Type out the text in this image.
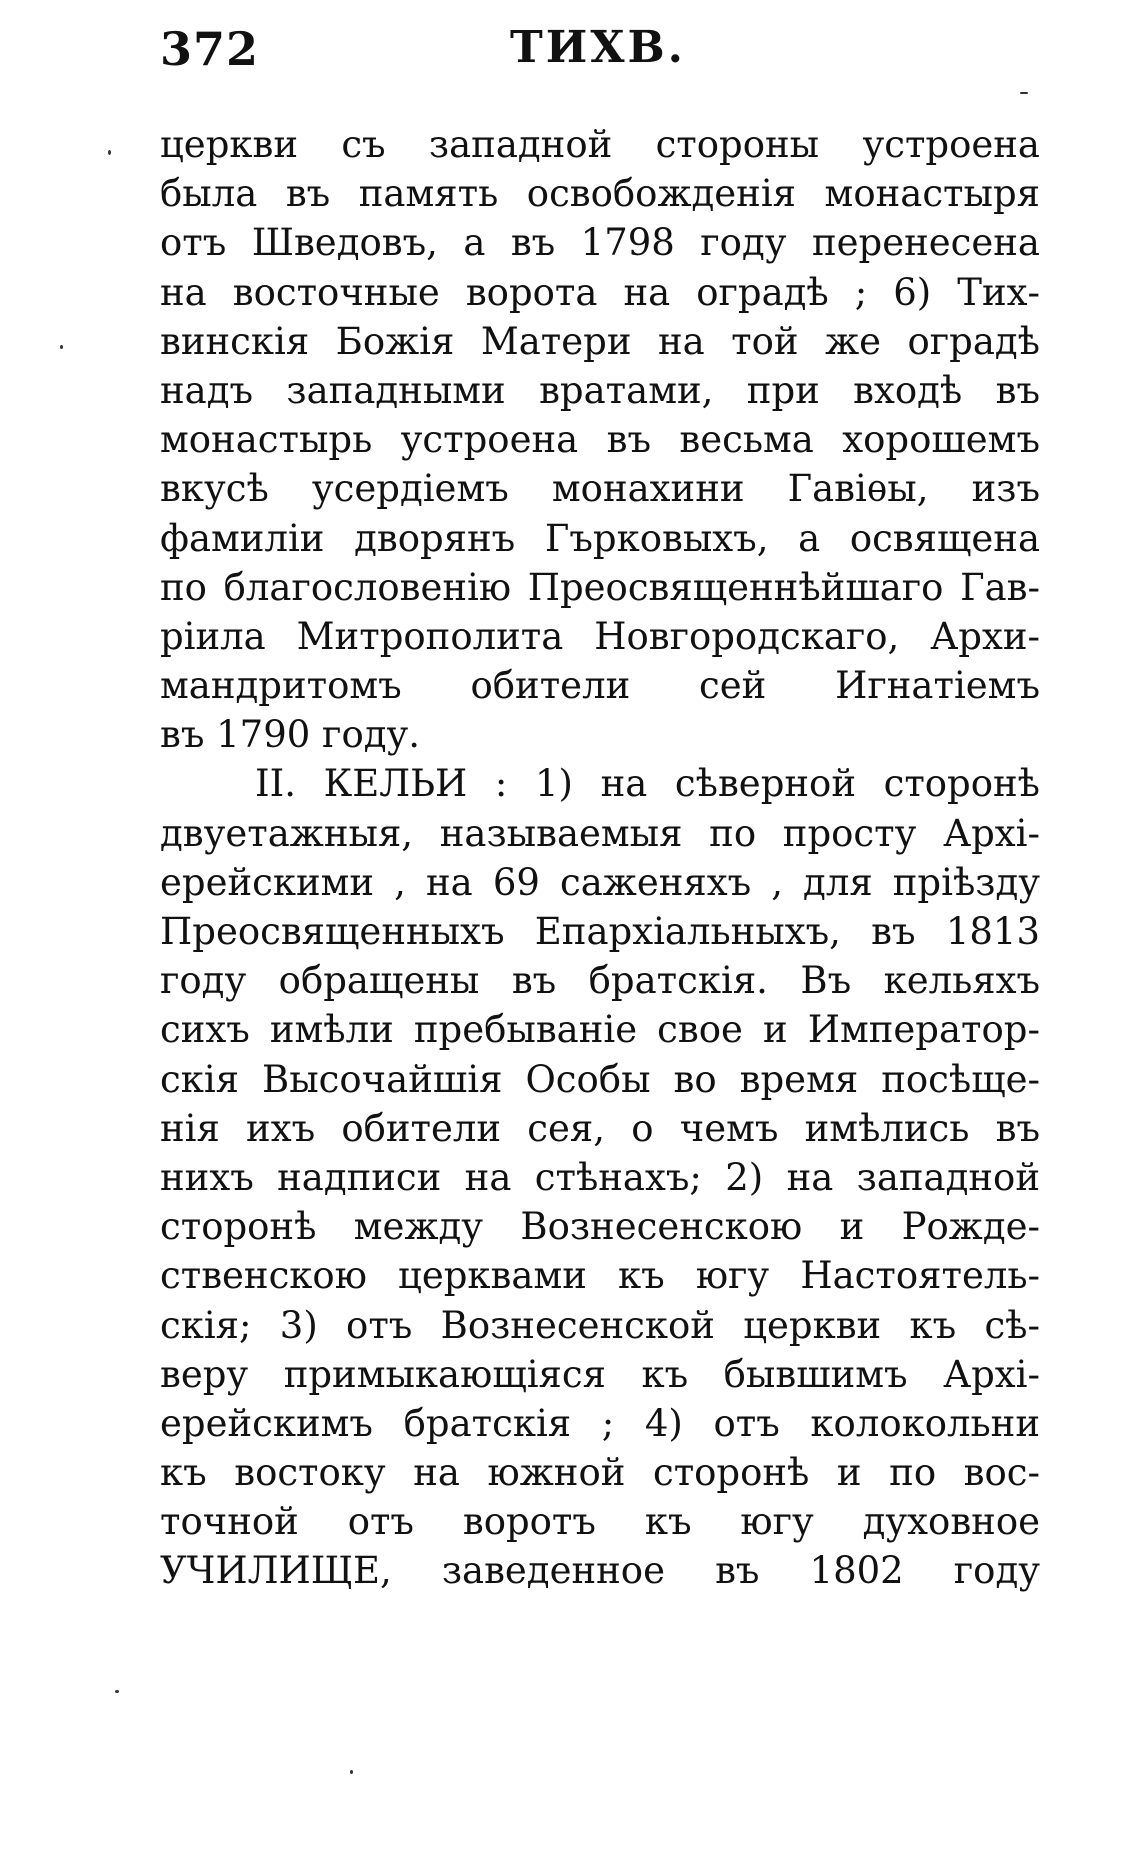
372	ТИХВ.
церкви съ западной стороны устроена
была въ память освобожденія монастыря
отъ Шведовъ, а въ 1798 году перенесена
на восточные ворота на оградѣ ; 6) Тих-
винскія Божія Матери на той же оградѣ
надъ западными вратами, при входѣ въ
монастырь устроена въ весьма хорошемъ
вкусѣ усердіемъ монахини Гавіѳы, изъ
фамиліи дворянъ Гърковыхъ, а освящена
по благословенію Преосвященнѣйшаго Гав-
ріила Митрополита Новгородскаго, Архи-
мандритомъ обители сей Игнатіемъ
въ 1790 году.
II. КЕЛЬИ : 1) на сѣверной сторонѣ
двуетажныя, называемыя по просту Архі-
ерейскими , на 69 саженяхъ , для пріѣзду
Преосвященныхъ Епархіальныхъ, въ 1813
году обращены въ братскія. Въ кельяхъ
сихъ имѣли пребываніе свое и Император-
скія Высочайшія Особы во время посѣще-
нія ихъ обители сея, о чемъ имѣлись въ
нихъ надписи на стѣнахъ; 2) на западной
сторонѣ между Вознесенскою и Рожде-
ственскою церквами къ югу Настоятель-
скія; 3) отъ Вознесенской церкви къ сѣ-
веру примыкающіяся къ бывшимъ Архі-
ерейскимъ братскія ; 4) отъ колокольни
къ востоку на южной сторонѣ и по вос-
точной отъ воротъ къ югу духовное
УЧИЛИЩЕ, заведенное въ 1802 году
